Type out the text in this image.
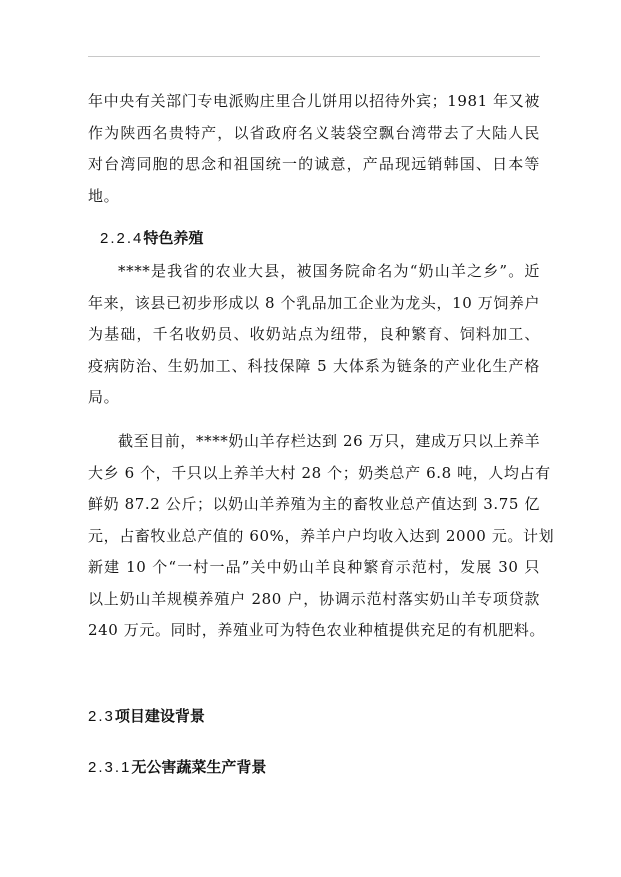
年中央有关部门专电派购庄里合儿饼用以招待外宾；1981 年又被
作为陕西名贵特产，以省政府名义装袋空飘台湾带去了大陆人民
对台湾同胞的思念和祖国统一的诚意，产品现远销韩国、日本等
地。
2.2.4特色养殖
****是我省的农业大县，被国务院命名为“奶山羊之乡”。近
年来，该县已初步形成以 8 个乳品加工企业为龙头，10 万饲养户
为基础，千名收奶员、收奶站点为纽带，良种繁育、饲料加工、
疫病防治、生奶加工、科技保障 5 大体系为链条的产业化生产格
局。
截至目前，****奶山羊存栏达到 26 万只，建成万只以上养羊
大乡 6 个，千只以上养羊大村 28 个；奶类总产 6.8 吨，人均占有
鲜奶 87.2 公斤；以奶山羊养殖为主的畜牧业总产值达到 3.75 亿
元，占畜牧业总产值的 60%，养羊户户均收入达到 2000 元。计划
新建 10 个“一村一品”关中奶山羊良种繁育示范村，发展 30 只
以上奶山羊规模养殖户 280 户，协调示范村落实奶山羊专项贷款
240 万元。同时，养殖业可为特色农业种植提供充足的有机肥料。
2.3项目建设背景
2.3.1无公害蔬菜生产背景
